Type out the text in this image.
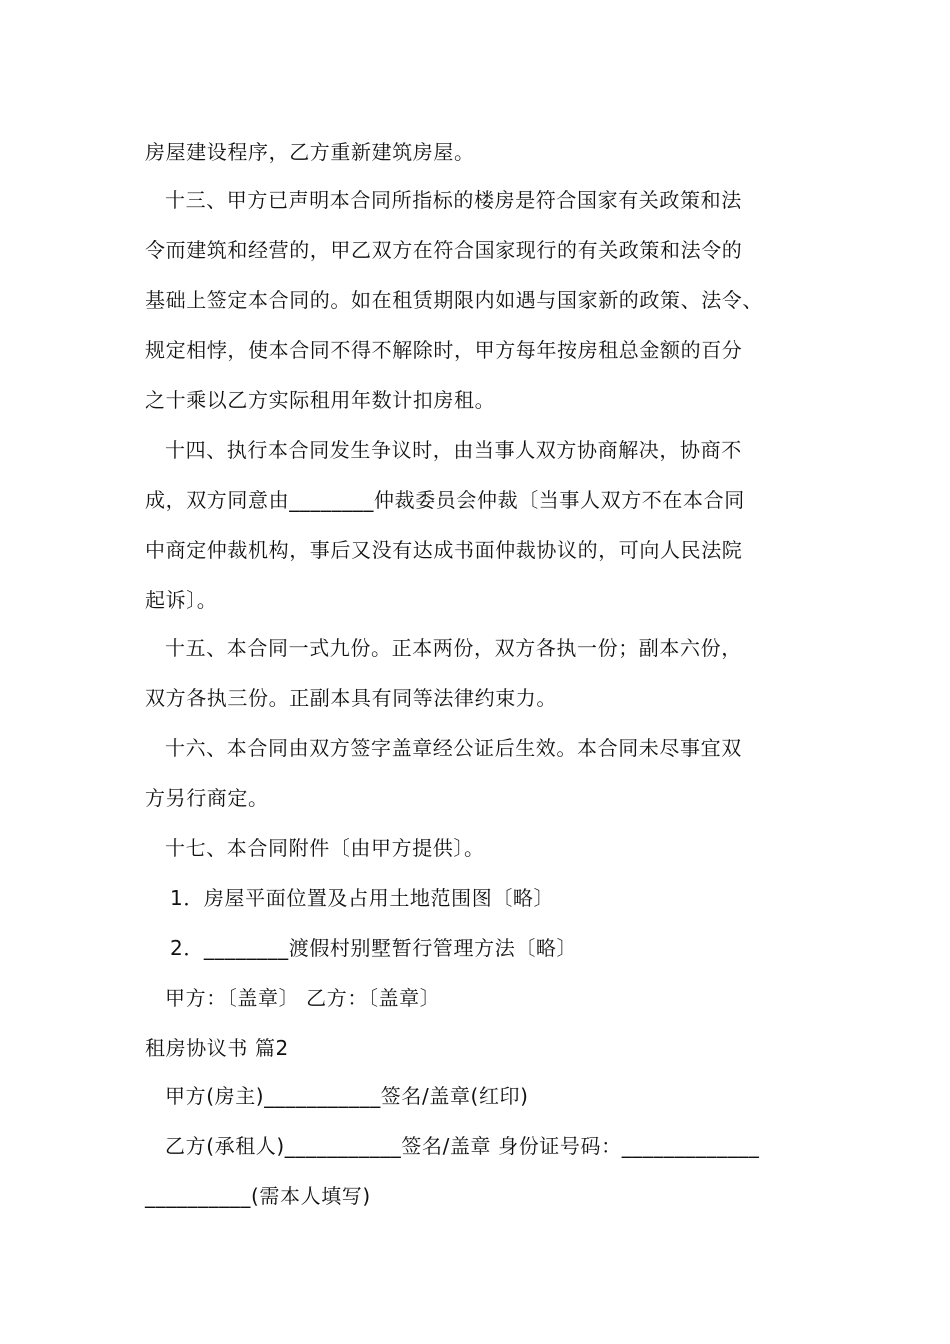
房屋建设程序，乙方重新建筑房屋。
十三、甲方已声明本合同所指标的楼房是符合国家有关政策和法
令而建筑和经营的，甲乙双方在符合国家现行的有关政策和法令的
基础上签定本合同的。如在租赁期限内如遇与国家新的政策、法令、
规定相悖，使本合同不得不解除时，甲方每年按房租总金额的百分
之十乘以乙方实际租用年数计扣房租。
十四、执行本合同发生争议时，由当事人双方协商解决，协商不
成，双方同意由________仲裁委员会仲裁〔当事人双方不在本合同
中商定仲裁机构，事后又没有达成书面仲裁协议的，可向人民法院
起诉〕。
十五、本合同一式九份。正本两份，双方各执一份；副本六份，
双方各执三份。正副本具有同等法律约束力。
十六、本合同由双方签字盖章经公证后生效。本合同未尽事宜双
方另行商定。
十七、本合同附件〔由甲方提供〕。
1．房屋平面位置及占用土地范围图〔略〕
2．________渡假村别墅暂行管理方法〔略〕
甲方：〔盖章〕 乙方：〔盖章〕
租房协议书 篇2
甲方(房主)___________签名/盖章(红印)
乙方(承租人)___________签名/盖章 身份证号码：_____________
__________(需本人填写)
